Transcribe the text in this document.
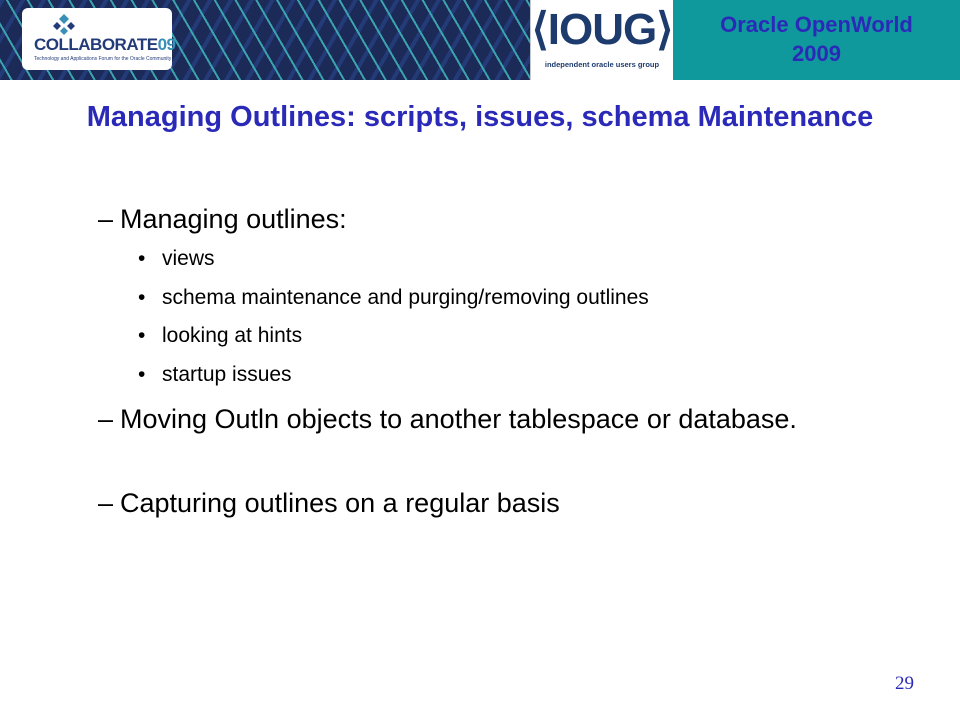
COLLABORATE09
Technology and Applications Forum for the Oracle Community
⟨IOUG⟩
independent oracle users group
Oracle OpenWorld
2009
Managing Outlines: scripts, issues, schema Maintenance
– Managing outlines:
• views
• schema maintenance and purging/removing outlines
• looking at hints
• startup issues
– Moving Outln objects to another tablespace or database.
– Capturing outlines on a regular basis
29
